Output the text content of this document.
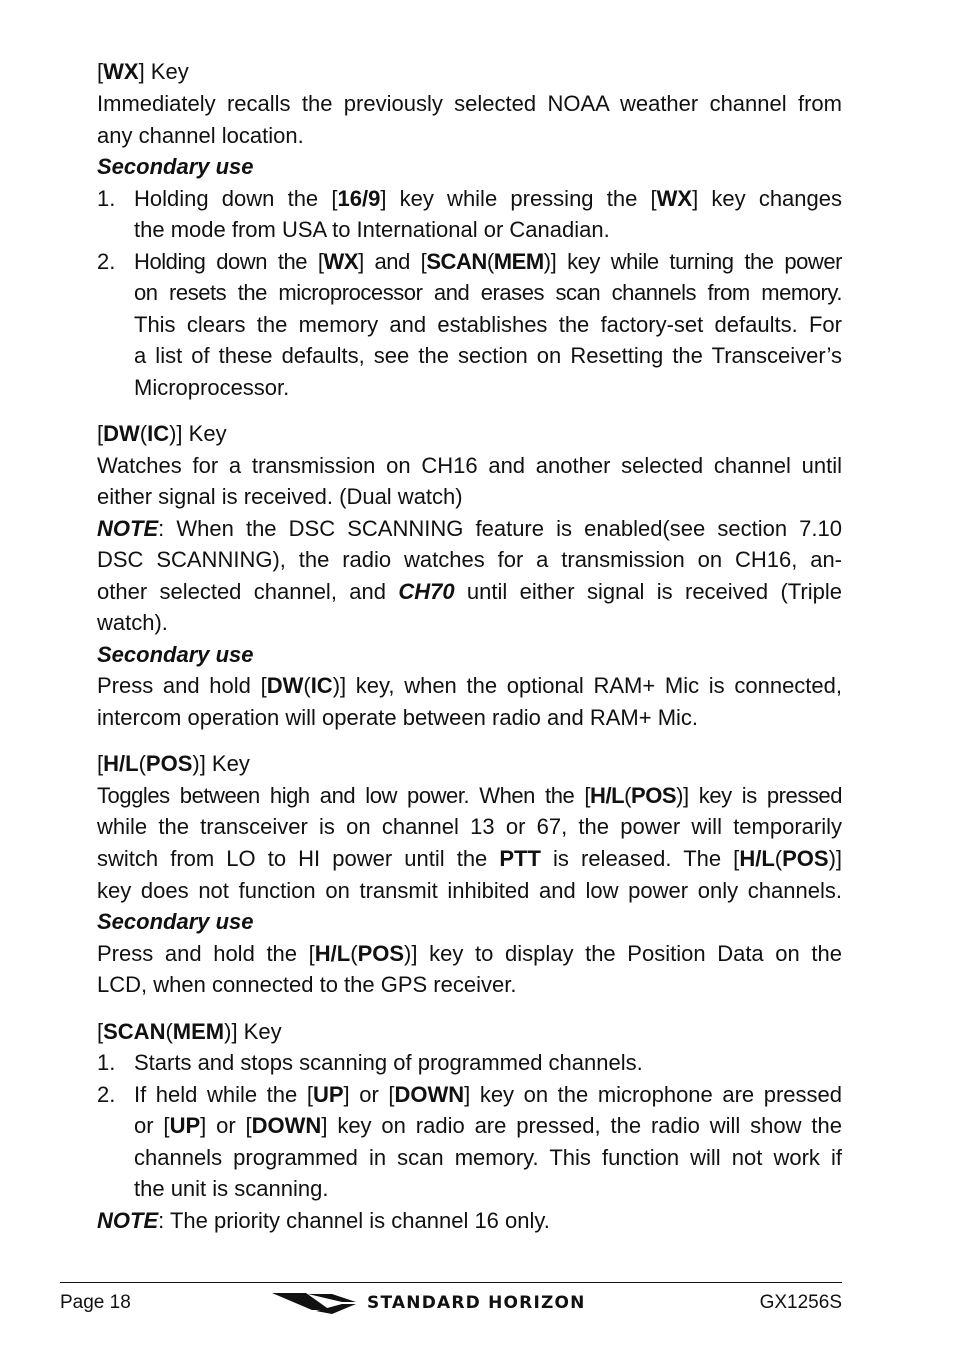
[WX] Key
Immediately recalls the previously selected NOAA weather channel from
any channel location.
Secondary use
1. Holding down the [16/9] key while pressing the [WX] key changes
the mode from USA to International or Canadian.
2. Holding down the [WX] and [SCAN(MEM)] key while turning the power
on resets the microprocessor and erases scan channels from memory.
This clears the memory and establishes the factory-set defaults. For
a list of these defaults, see the section on Resetting the Transceiver’s
Microprocessor.
[DW(IC)] Key
Watches for a transmission on CH16 and another selected channel until
either signal is received. (Dual watch)
NOTE: When the DSC SCANNING feature is enabled(see section 7.10
DSC SCANNING), the radio watches for a transmission on CH16, an-
other selected channel, and CH70 until either signal is received (Triple
watch).
Secondary use
Press and hold [DW(IC)] key, when the optional RAM+ Mic is connected,
intercom operation will operate between radio and RAM+ Mic.
[H/L(POS)] Key
Toggles between high and low power. When the [H/L(POS)] key is pressed
while the transceiver is on channel 13 or 67, the power will temporarily
switch from LO to HI power until the PTT is released. The [H/L(POS)]
key does not function on transmit inhibited and low power only channels.
Secondary use
Press and hold the [H/L(POS)] key to display the Position Data on the
LCD, when connected to the GPS receiver.
[SCAN(MEM)] Key
1. Starts and stops scanning of programmed channels.
2. If held while the [UP] or [DOWN] key on the microphone are pressed
or [UP] or [DOWN] key on radio are pressed, the radio will show the
channels programmed in scan memory. This function will not work if
the unit is scanning.
NOTE: The priority channel is channel 16 only.
Page 18	STANDARD HORIZON	GX1256S
